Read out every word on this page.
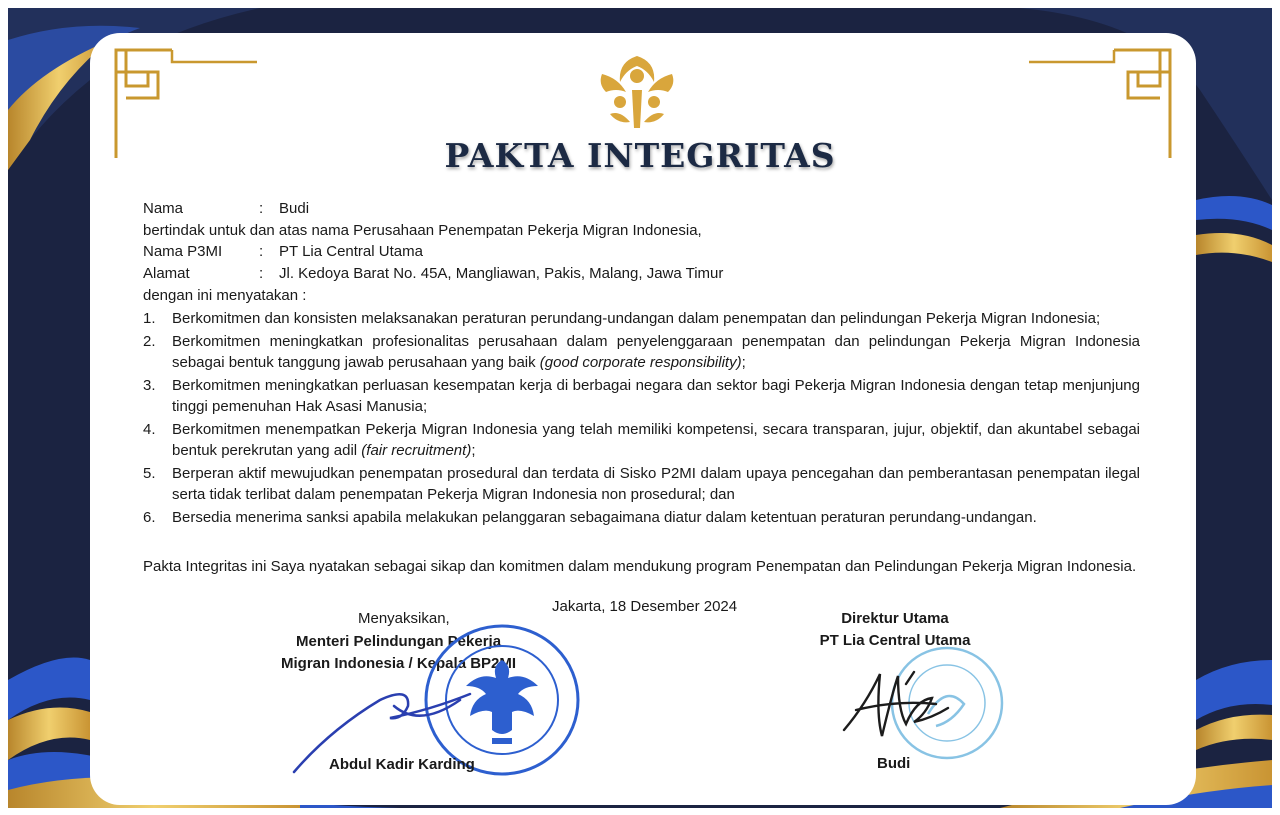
PAKTA INTEGRITAS
Nama	: Budi
bertindak untuk dan atas nama Perusahaan Penempatan Pekerja Migran Indonesia,
Nama P3MI : PT Lia Central Utama
Alamat	: Jl. Kedoya Barat No. 45A, Mangliawan, Pakis, Malang, Jawa Timur
dengan ini menyatakan :
1. Berkomitmen dan konsisten melaksanakan peraturan perundang-undangan dalam penempatan dan pelindungan Pekerja Migran Indonesia;
2. Berkomitmen meningkatkan profesionalitas perusahaan dalam penyelenggaraan penempatan dan pelindungan Pekerja Migran Indonesia sebagai bentuk tanggung jawab perusahaan yang baik (good corporate responsibility);
3. Berkomitmen meningkatkan perluasan kesempatan kerja di berbagai negara dan sektor bagi Pekerja Migran Indonesia dengan tetap menjunjung tinggi pemenuhan Hak Asasi Manusia;
4. Berkomitmen menempatkan Pekerja Migran Indonesia yang telah memiliki kompetensi, secara transparan, jujur, objektif, dan akuntabel sebagai bentuk perekrutan yang adil (fair recruitment);
5. Berperan aktif mewujudkan penempatan prosedural dan terdata di Sisko P2MI dalam upaya pencegahan dan pemberantasan penempatan ilegal serta tidak terlibat dalam penempatan Pekerja Migran Indonesia non prosedural; dan
6. Bersedia menerima sanksi apabila melakukan pelanggaran sebagaimana diatur dalam ketentuan peraturan perundang-undangan.
Pakta Integritas ini Saya nyatakan sebagai sikap dan komitmen dalam mendukung program Penempatan dan Pelindungan Pekerja Migran Indonesia.
Jakarta, 18 Desember 2024
Menyaksikan,
Menteri Pelindungan Pekerja
Migran Indonesia / Kepala BP2MI
Abdul Kadir Karding
Direktur Utama
PT Lia Central Utama
Budi
